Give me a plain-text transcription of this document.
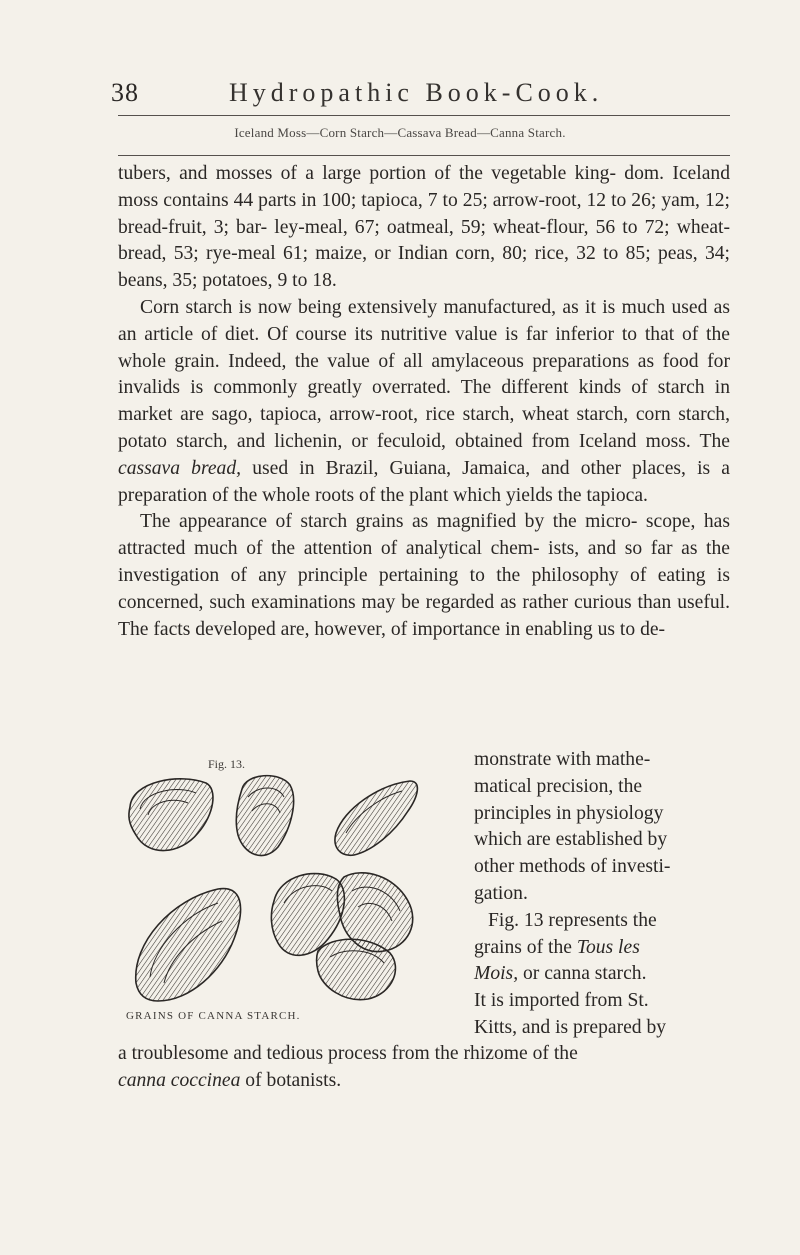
38	Hydropathic Book-Cook.
Iceland Moss—Corn Starch—Cassava Bread—Canna Starch.

tubers, and mosses of a large portion of the vegetable king- dom. Iceland moss contains 44 parts in 100; tapioca, 7 to 25; arrow-root, 12 to 26; yam, 12; bread-fruit, 3; bar- ley-meal, 67; oatmeal, 59; wheat-flour, 56 to 72; wheat- bread, 53; rye-meal 61; maize, or Indian corn, 80; rice, 32 to 85; peas, 34; beans, 35; potatoes, 9 to 18.

Corn starch is now being extensively manufactured, as it is much used as an article of diet. Of course its nutritive value is far inferior to that of the whole grain. Indeed, the value of all amylaceous preparations as food for invalids is commonly greatly overrated. The different kinds of starch in market are sago, tapioca, arrow-root, rice starch, wheat starch, corn starch, potato starch, and lichenin, or feculoid, obtained from Iceland moss. The cassava bread, used in Brazil, Guiana, Jamaica, and other places, is a preparation of the whole roots of the plant which yields the tapioca.

The appearance of starch grains as magnified by the micro- scope, has attracted much of the attention of analytical chem- ists, and so far as the investigation of any principle pertaining to the philosophy of eating is concerned, such examinations may be regarded as rather curious than useful. The facts developed are, however, of importance in enabling us to de-

Fig. 13.
GRAINS OF CANNA STARCH.
monstrate with mathe-
matical precision, the
principles in physiology
which are established by
other methods of investi-
gation.
Fig. 13 represents the
grains of the Tous les
Mois, or canna starch.
It is imported from St.
Kitts, and is prepared by
a troublesome and tedious process from the rhizome of the
canna coccinea of botanists.
